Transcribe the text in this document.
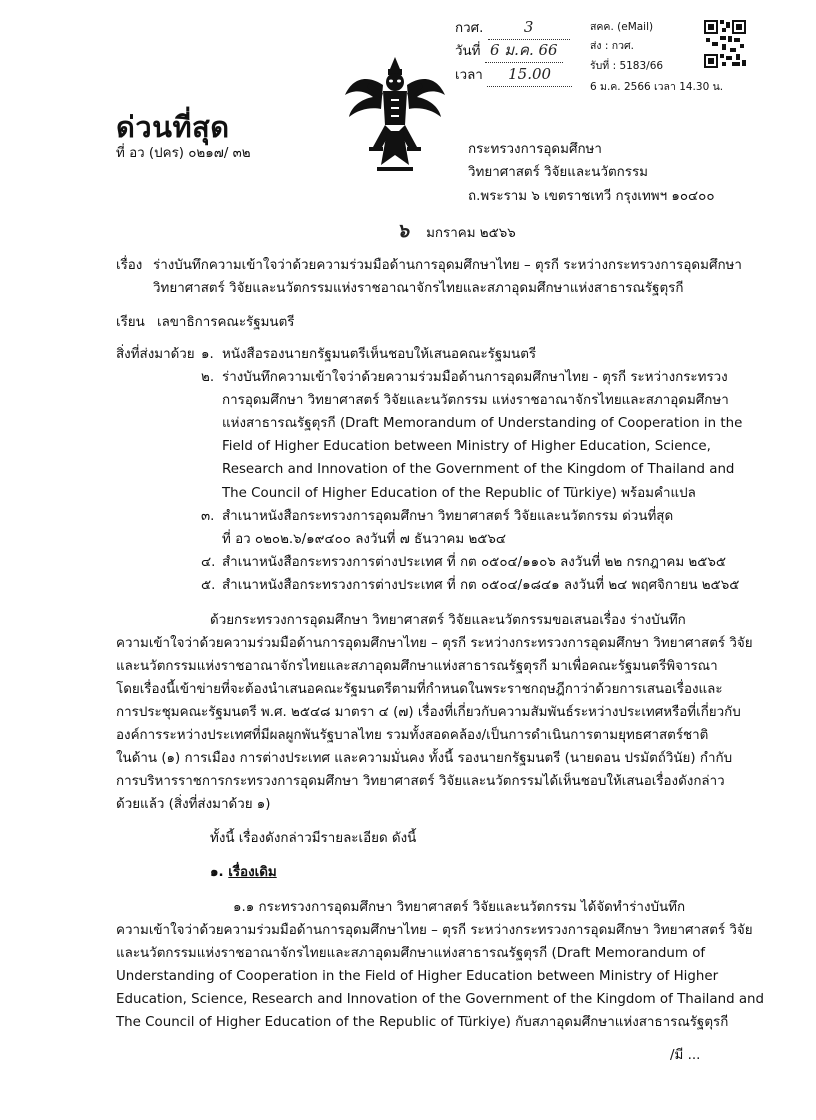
กวศ.	3
วันที่ 6 ม.ค. 66
เวลา 15.00
สคค. (eMail)
ส่ง : กวศ.
รับที่ : 5183/66
6 ม.ค. 2566 เวลา 14.30 น.
ด่วนที่สุด
ที่ อว (ปคร) ๐๒๑๗/ ๓๒	กระทรวงการอุดมศึกษา
วิทยาศาสตร์ วิจัยและนวัตกรรม
ถ.พระราม ๖ เขตราชเทวี กรุงเทพฯ ๑๐๔๐๐
๖ มกราคม ๒๕๖๖
เรื่อง ร่างบันทึกความเข้าใจว่าด้วยความร่วมมือด้านการอุดมศึกษาไทย – ตุรกี ระหว่างกระทรวงการอุดมศึกษา
วิทยาศาสตร์ วิจัยและนวัตกรรมแห่งราชอาณาจักรไทยและสภาอุดมศึกษาแห่งสาธารณรัฐตุรกี
เรียน เลขาธิการคณะรัฐมนตรี
สิ่งที่ส่งมาด้วย ๑. หนังสือรองนายกรัฐมนตรีเห็นชอบให้เสนอคณะรัฐมนตรี
๒. ร่างบันทึกความเข้าใจว่าด้วยความร่วมมือด้านการอุดมศึกษาไทย - ตุรกี ระหว่างกระทรวง
การอุดมศึกษา วิทยาศาสตร์ วิจัยและนวัตกรรม แห่งราชอาณาจักรไทยและสภาอุดมศึกษา
แห่งสาธารณรัฐตุรกี (Draft Memorandum of Understanding of Cooperation in the
Field of Higher Education between Ministry of Higher Education, Science,
Research and Innovation of the Government of the Kingdom of Thailand and
The Council of Higher Education of the Republic of Türkiye) พร้อมคำแปล
๓. สำเนาหนังสือกระทรวงการอุดมศึกษา วิทยาศาสตร์ วิจัยและนวัตกรรม ด่วนที่สุด
ที่ อว ๐๒๐๒.๖/๑๙๔๐๐ ลงวันที่ ๗ ธันวาคม ๒๕๖๔
๔. สำเนาหนังสือกระทรวงการต่างประเทศ ที่ กต ๐๕๐๔/๑๑๐๖ ลงวันที่ ๒๒ กรกฎาคม ๒๕๖๕
๕. สำเนาหนังสือกระทรวงการต่างประเทศ ที่ กต ๐๕๐๔/๑๘๔๑ ลงวันที่ ๒๔ พฤศจิกายน ๒๕๖๕
ด้วยกระทรวงการอุดมศึกษา วิทยาศาสตร์ วิจัยและนวัตกรรมขอเสนอเรื่อง ร่างบันทึก
ความเข้าใจว่าด้วยความร่วมมือด้านการอุดมศึกษาไทย – ตุรกี ระหว่างกระทรวงการอุดมศึกษา วิทยาศาสตร์ วิจัย
และนวัตกรรมแห่งราชอาณาจักรไทยและสภาอุดมศึกษาแห่งสาธารณรัฐตุรกี มาเพื่อคณะรัฐมนตรีพิจารณา
โดยเรื่องนี้เข้าข่ายที่จะต้องนำเสนอคณะรัฐมนตรีตามที่กำหนดในพระราชกฤษฎีกาว่าด้วยการเสนอเรื่องและ
การประชุมคณะรัฐมนตรี พ.ศ. ๒๕๔๘ มาตรา ๔ (๗) เรื่องที่เกี่ยวกับความสัมพันธ์ระหว่างประเทศหรือที่เกี่ยวกับ
องค์การระหว่างประเทศที่มีผลผูกพันรัฐบาลไทย รวมทั้งสอดคล้อง/เป็นการดำเนินการตามยุทธศาสตร์ชาติ
ในด้าน (๑) การเมือง การต่างประเทศ และความมั่นคง ทั้งนี้ รองนายกรัฐมนตรี (นายดอน ปรมัตถ์วินัย) กำกับ
การบริหารราชการกระทรวงการอุดมศึกษา วิทยาศาสตร์ วิจัยและนวัตกรรมได้เห็นชอบให้เสนอเรื่องดังกล่าว
ด้วยแล้ว (สิ่งที่ส่งมาด้วย ๑)
ทั้งนี้ เรื่องดังกล่าวมีรายละเอียด ดังนี้
๑. เรื่องเดิม
๑.๑ กระทรวงการอุดมศึกษา วิทยาศาสตร์ วิจัยและนวัตกรรม ได้จัดทำร่างบันทึก
ความเข้าใจว่าด้วยความร่วมมือด้านการอุดมศึกษาไทย – ตุรกี ระหว่างกระทรวงการอุดมศึกษา วิทยาศาสตร์ วิจัย
และนวัตกรรมแห่งราชอาณาจักรไทยและสภาอุดมศึกษาแห่งสาธารณรัฐตุรกี (Draft Memorandum of
Understanding of Cooperation in the Field of Higher Education between Ministry of Higher
Education, Science, Research and Innovation of the Government of the Kingdom of Thailand and
The Council of Higher Education of the Republic of Türkiye) กับสภาอุดมศึกษาแห่งสาธารณรัฐตุรกี
/มี ...
